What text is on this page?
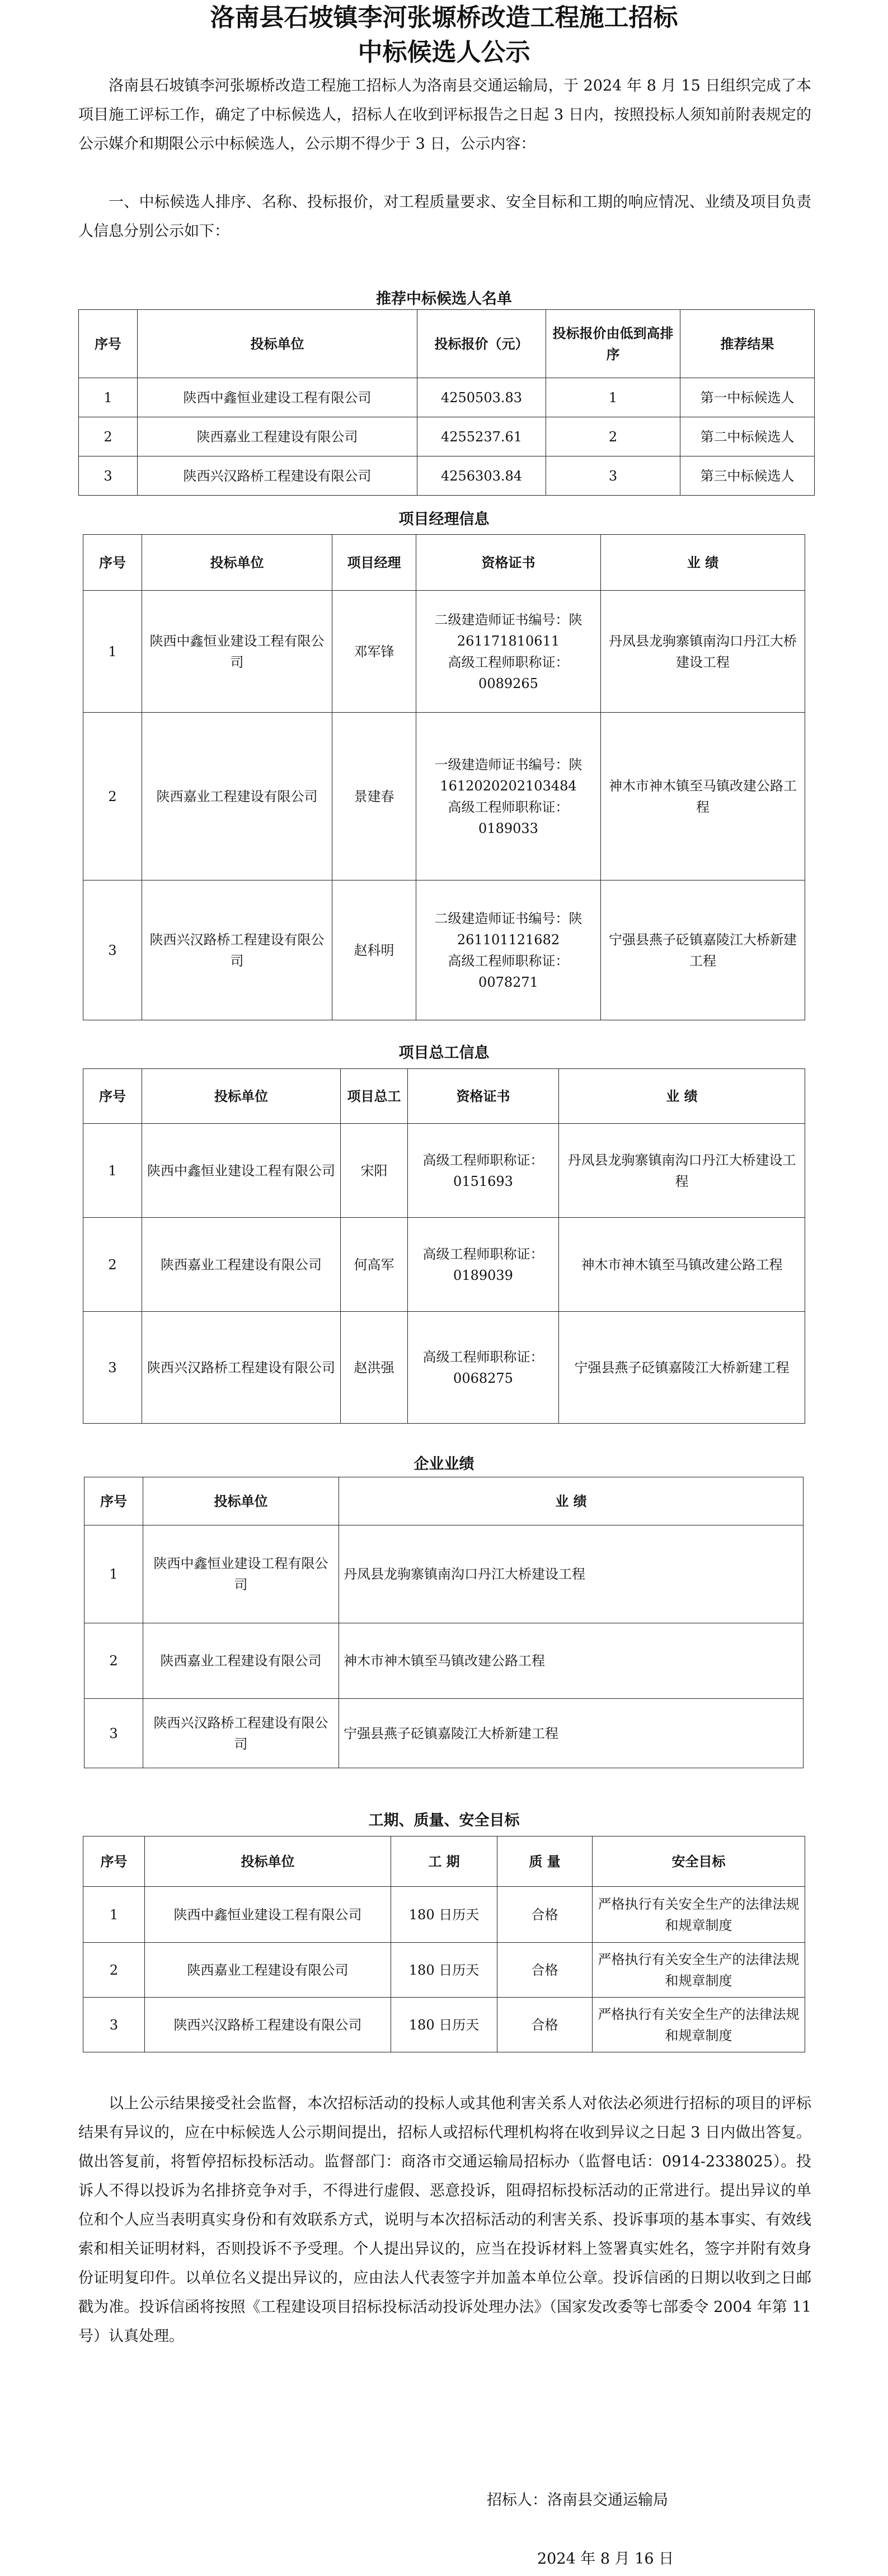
洛南县石坡镇李河张塬桥改造工程施工招标
中标候选人公示

洛南县石坡镇李河张塬桥改造工程施工招标人为洛南县交通运输局，于 2024 年 8 月 15 日组织完成了本项目施工评标工作，确定了中标候选人，招标人在收到评标报告之日起 3 日内，按照投标人须知前附表规定的公示媒介和期限公示中标候选人，公示期不得少于 3 日，公示内容：

一、中标候选人排序、名称、投标报价，对工程质量要求、安全目标和工期的响应情况、业绩及项目负责人信息分别公示如下：

推荐中标候选人名单

序号	投标单位	投标报价（元）	投标报价由低到高排序	推荐结果
1	陕西中鑫恒业建设工程有限公司	4250503.83	1	第一中标候选人
2	陕西嘉业工程建设有限公司	4255237.61	2	第二中标候选人
3	陕西兴汉路桥工程建设有限公司	4256303.84	3	第三中标候选人

项目经理信息

序号	投标单位	项目经理	资格证书	业 绩
1	陕西中鑫恒业建设工程有限公司	邓军锋	二级建造师证书编号：陕 261171810611
高级工程师职称证：0089265	丹凤县龙驹寨镇南沟口丹江大桥建设工程
2	陕西嘉业工程建设有限公司	景建春	一级建造师证书编号：陕 1612020202103484
高级工程师职称证：0189033	神木市神木镇至马镇改建公路工程
3	陕西兴汉路桥工程建设有限公司	赵科明	二级建造师证书编号：陕 261101121682
高级工程师职称证：0078271	宁强县燕子砭镇嘉陵江大桥新建工程

项目总工信息

序号	投标单位	项目总工	资格证书	业 绩
1	陕西中鑫恒业建设工程有限公司	宋阳	高级工程师职称证：0151693	丹凤县龙驹寨镇南沟口丹江大桥建设工程
2	陕西嘉业工程建设有限公司	何高军	高级工程师职称证：0189039	神木市神木镇至马镇改建公路工程
3	陕西兴汉路桥工程建设有限公司	赵洪强	高级工程师职称证：0068275	宁强县燕子砭镇嘉陵江大桥新建工程

企业业绩

序号	投标单位	业 绩
1	陕西中鑫恒业建设工程有限公司	丹凤县龙驹寨镇南沟口丹江大桥建设工程
2	陕西嘉业工程建设有限公司	神木市神木镇至马镇改建公路工程
3	陕西兴汉路桥工程建设有限公司	宁强县燕子砭镇嘉陵江大桥新建工程

工期、质量、安全目标

序号	投标单位	工 期	质 量	安全目标
1	陕西中鑫恒业建设工程有限公司	180 日历天	合格	严格执行有关安全生产的法律法规和规章制度
2	陕西嘉业工程建设有限公司	180 日历天	合格	严格执行有关安全生产的法律法规和规章制度
3	陕西兴汉路桥工程建设有限公司	180 日历天	合格	严格执行有关安全生产的法律法规和规章制度

以上公示结果接受社会监督，本次招标活动的投标人或其他利害关系人对依法必须进行招标的项目的评标结果有异议的，应在中标候选人公示期间提出，招标人或招标代理机构将在收到异议之日起 3 日内做出答复。做出答复前，将暂停招标投标活动。监督部门：商洛市交通运输局招标办（监督电话：0914-2338025）。投诉人不得以投诉为名排挤竞争对手，不得进行虚假、恶意投诉，阻碍招标投标活动的正常进行。提出异议的单位和个人应当表明真实身份和有效联系方式，说明与本次招标活动的利害关系、投诉事项的基本事实、有效线索和相关证明材料，否则投诉不予受理。个人提出异议的，应当在投诉材料上签署真实姓名，签字并附有效身份证明复印件。以单位名义提出异议的，应由法人代表签字并加盖本单位公章。投诉信函的日期以收到之日邮戳为准。投诉信函将按照《工程建设项目招标投标活动投诉处理办法》（国家发改委等七部委令 2004 年第 11 号）认真处理。

招标人：洛南县交通运输局

2024 年 8 月 16 日
